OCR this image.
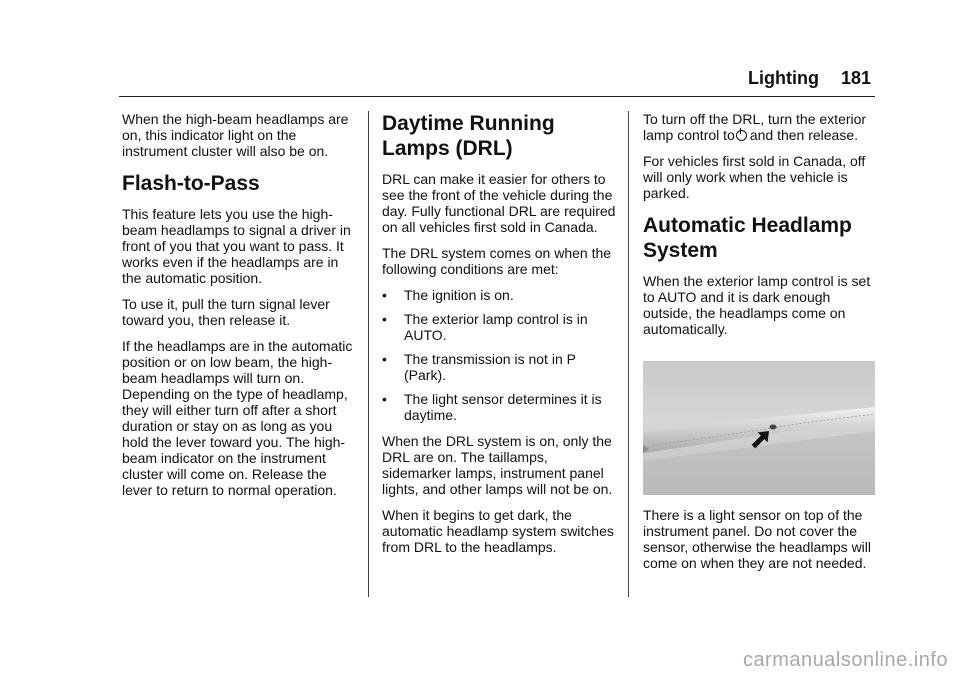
Lighting 181

When the high-beam headlamps are on, this indicator light on the instrument cluster will also be on.

Flash-to-Pass

This feature lets you use the high-beam headlamps to signal a driver in front of you that you want to pass. It works even if the headlamps are in the automatic position.

To use it, pull the turn signal lever toward you, then release it.

If the headlamps are in the automatic position or on low beam, the high-beam headlamps will turn on. Depending on the type of headlamp, they will either turn off after a short duration or stay on as long as you hold the lever toward you. The high-beam indicator on the instrument cluster will come on. Release the lever to return to normal operation.

Daytime Running Lamps (DRL)

DRL can make it easier for others to see the front of the vehicle during the day. Fully functional DRL are required on all vehicles first sold in Canada.

The DRL system comes on when the following conditions are met:

• The ignition is on.
• The exterior lamp control is in AUTO.
• The transmission is not in P (Park).
• The light sensor determines it is daytime.

When the DRL system is on, only the DRL are on. The taillamps, sidemarker lamps, instrument panel lights, and other lamps will not be on.

When it begins to get dark, the automatic headlamp system switches from DRL to the headlamps.

To turn off the DRL, turn the exterior lamp control to and then release.

For vehicles first sold in Canada, off will only work when the vehicle is parked.

Automatic Headlamp System

When the exterior lamp control is set to AUTO and it is dark enough outside, the headlamps come on automatically.

There is a light sensor on top of the instrument panel. Do not cover the sensor, otherwise the headlamps will come on when they are not needed.

carmanualsonline.info
